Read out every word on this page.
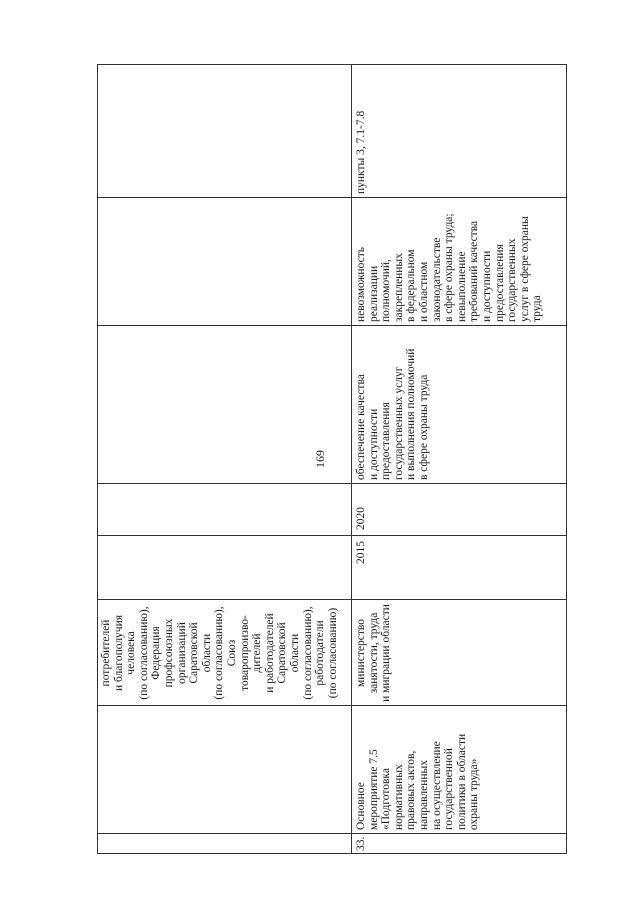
169
потребителей
и благополучия
человека
(по согласованию),
Федерация
профсоюзных
организаций
Саратовской
области
(по согласованию),
Союз
товаропроизво-
дителей
и работодателей
Саратовской
области
(по согласованию),
работодатели
(по согласованию)
33.
Основное
мероприятие 7.5
«Подготовка
нормативных
правовых актов,
направленных
на осуществление
государственной
политики в области
охраны труда»
министерство
занятости, труда
и миграции области
2015
2020
обеспечение качества
и доступности
предоставления
государственных услуг
и выполнения полномочий
в сфере охраны труда
невозможность
реализации
полномочий,
закрепленных
в федеральном
и областном
законодательстве
в сфере охраны труда;
невыполнение
требований качества
и доступности
предоставления
государственных
услуг в сфере охраны
труда
пункты 3, 7.1-7.8
